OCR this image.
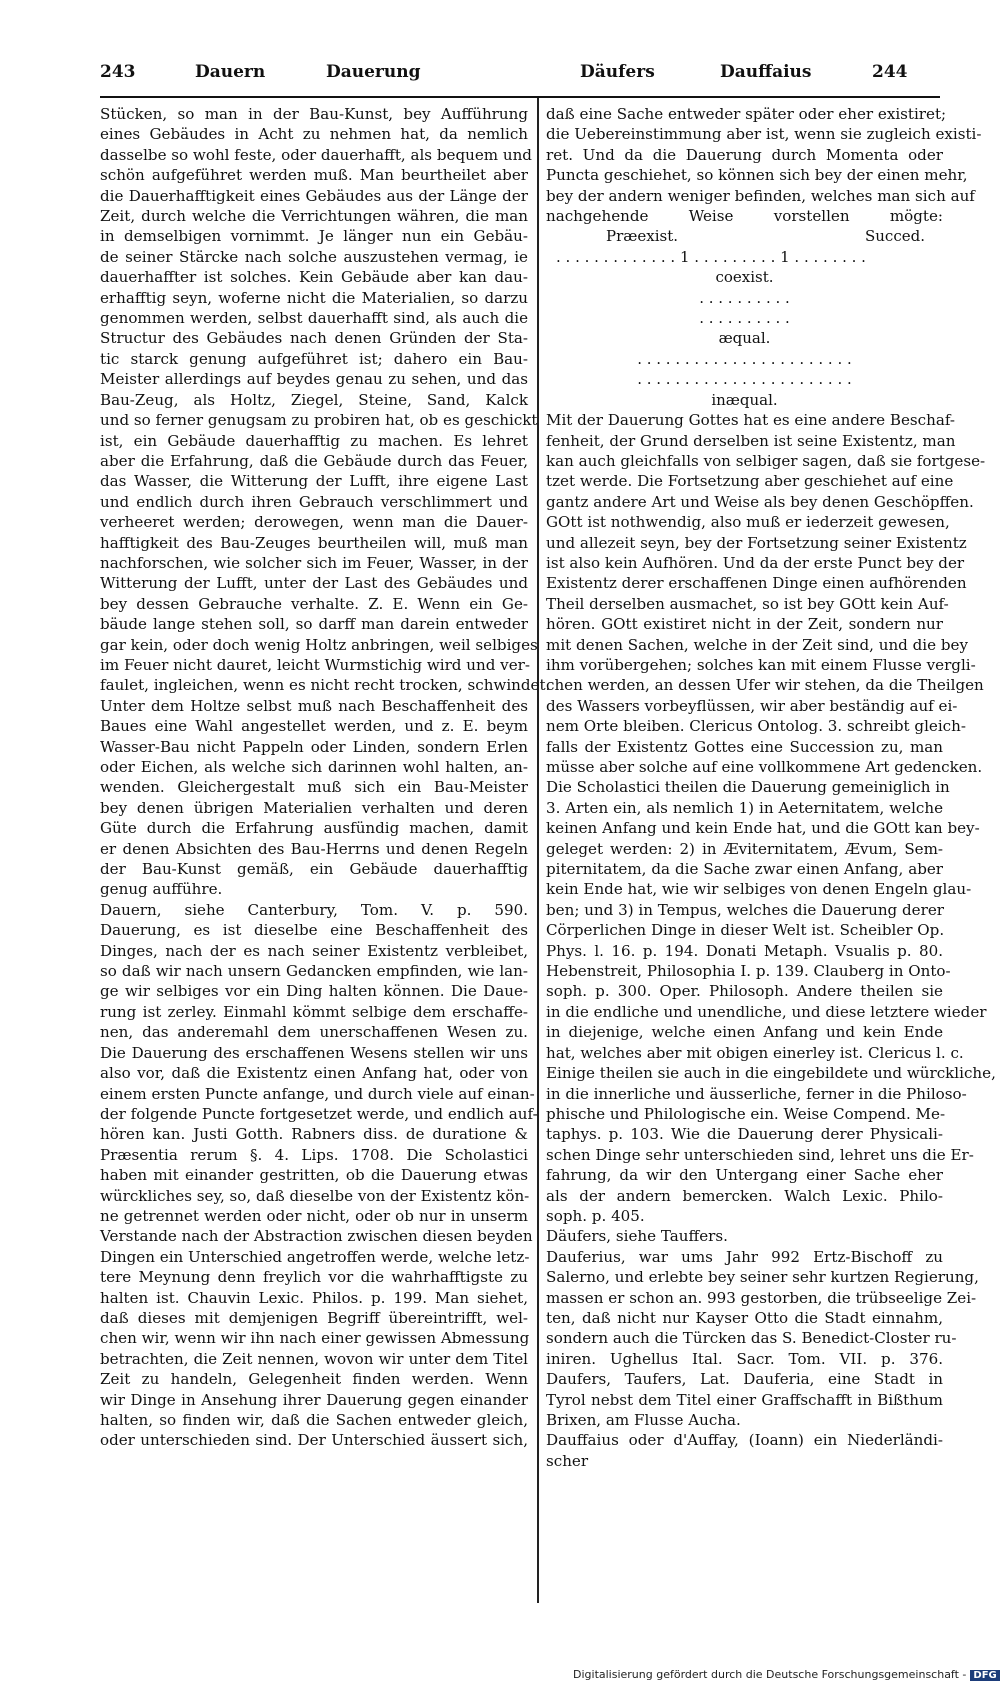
243	Dauern	Dauerung	Däufers	Dauffaius	244
Stücken, so man in der Bau-Kunst, bey Aufführung
eines Gebäudes in Acht zu nehmen hat, da nemlich
dasselbe so wohl feste, oder dauerhafft, als bequem und
schön aufgeführet werden muß. Man beurtheilet aber
die Dauerhafftigkeit eines Gebäudes aus der Länge der
Zeit, durch welche die Verrichtungen währen, die man
in demselbigen vornimmt. Je länger nun ein Gebäu-
de seiner Stärcke nach solche auszustehen vermag, ie
dauerhaffter ist solches. Kein Gebäude aber kan dau-
erhafftig seyn, woferne nicht die Materialien, so darzu
genommen werden, selbst dauerhafft sind, als auch die
Structur des Gebäudes nach denen Gründen der Sta-
tic starck genung aufgeführet ist; dahero ein Bau-
Meister allerdings auf beydes genau zu sehen, und das
Bau-Zeug, als Holtz, Ziegel, Steine, Sand, Kalck
und so ferner genugsam zu probiren hat, ob es geschickt
ist, ein Gebäude dauerhafftig zu machen. Es lehret
aber die Erfahrung, daß die Gebäude durch das Feuer,
das Wasser, die Witterung der Lufft, ihre eigene Last
und endlich durch ihren Gebrauch verschlimmert und
verheeret werden; derowegen, wenn man die Dauer-
hafftigkeit des Bau-Zeuges beurtheilen will, muß man
nachforschen, wie solcher sich im Feuer, Wasser, in der
Witterung der Lufft, unter der Last des Gebäudes und
bey dessen Gebrauche verhalte. Z. E. Wenn ein Ge-
bäude lange stehen soll, so darff man darein entweder
gar kein, oder doch wenig Holtz anbringen, weil selbiges
im Feuer nicht dauret, leicht Wurmstichig wird und ver-
faulet, ingleichen, wenn es nicht recht trocken, schwindet.
Unter dem Holtze selbst muß nach Beschaffenheit des
Baues eine Wahl angestellet werden, und z. E. beym
Wasser-Bau nicht Pappeln oder Linden, sondern Erlen
oder Eichen, als welche sich darinnen wohl halten, an-
wenden. Gleichergestalt muß sich ein Bau-Meister
bey denen übrigen Materialien verhalten und deren
Güte durch die Erfahrung ausfündig machen, damit
er denen Absichten des Bau-Herrns und denen Regeln
der Bau-Kunst gemäß, ein Gebäude dauerhafftig
genug aufführe.
Dauern, siehe Canterbury, Tom. V. p. 590.
Dauerung, es ist dieselbe eine Beschaffenheit des
Dinges, nach der es nach seiner Existentz verbleibet,
so daß wir nach unsern Gedancken empfinden, wie lan-
ge wir selbiges vor ein Ding halten können. Die Daue-
rung ist zerley. Einmahl kömmt selbige dem erschaffe-
nen, das anderemahl dem unerschaffenen Wesen zu.
Die Dauerung des erschaffenen Wesens stellen wir uns
also vor, daß die Existentz einen Anfang hat, oder von
einem ersten Puncte anfange, und durch viele auf einan-
der folgende Puncte fortgesetzet werde, und endlich auf-
hören kan. Justi Gotth. Rabners diss. de duratione &
Præsentia rerum §. 4. Lips. 1708. Die Scholastici
haben mit einander gestritten, ob die Dauerung etwas
würckliches sey, so, daß dieselbe von der Existentz kön-
ne getrennet werden oder nicht, oder ob nur in unserm
Verstande nach der Abstraction zwischen diesen beyden
Dingen ein Unterschied angetroffen werde, welche letz-
tere Meynung denn freylich vor die wahrhafftigste zu
halten ist. Chauvin Lexic. Philos. p. 199. Man siehet,
daß dieses mit demjenigen Begriff übereintrifft, wel-
chen wir, wenn wir ihn nach einer gewissen Abmessung
betrachten, die Zeit nennen, wovon wir unter dem Titel
Zeit zu handeln, Gelegenheit finden werden. Wenn
wir Dinge in Ansehung ihrer Dauerung gegen einander
halten, so finden wir, daß die Sachen entweder gleich,
oder unterschieden sind. Der Unterschied äussert sich,
daß eine Sache entweder später oder eher existiret;
die Uebereinstimmung aber ist, wenn sie zugleich existi-
ret. Und da die Dauerung durch Momenta oder
Puncta geschiehet, so können sich bey der einen mehr,
bey der andern weniger befinden, welches man sich auf
nachgehende Weise vorstellen mögte:
Præexist.	Succed.
. . . . . . . . . . . . . 1 . . . . . . . . . 1 . . . . . . . .
coexist.
. . . . . . . . . .
. . . . . . . . . .
æqual.
. . . . . . . . . . . . . . . . . . . . . . .
. . . . . . . . . . . . . . . . . . . . . . .
inæqual.
Mit der Dauerung Gottes hat es eine andere Beschaf-
fenheit, der Grund derselben ist seine Existentz, man
kan auch gleichfalls von selbiger sagen, daß sie fortgese-
tzet werde. Die Fortsetzung aber geschiehet auf eine
gantz andere Art und Weise als bey denen Geschöpffen.
GOtt ist nothwendig, also muß er iederzeit gewesen,
und allezeit seyn, bey der Fortsetzung seiner Existentz
ist also kein Aufhören. Und da der erste Punct bey der
Existentz derer erschaffenen Dinge einen aufhörenden
Theil derselben ausmachet, so ist bey GOtt kein Auf-
hören. GOtt existiret nicht in der Zeit, sondern nur
mit denen Sachen, welche in der Zeit sind, und die bey
ihm vorübergehen; solches kan mit einem Flusse vergli-
chen werden, an dessen Ufer wir stehen, da die Theilgen
des Wassers vorbeyflüssen, wir aber beständig auf ei-
nem Orte bleiben. Clericus Ontolog. 3. schreibt gleich-
falls der Existentz Gottes eine Succession zu, man
müsse aber solche auf eine vollkommene Art gedencken.
Die Scholastici theilen die Dauerung gemeiniglich in
3. Arten ein, als nemlich 1) in Aeternitatem, welche
keinen Anfang und kein Ende hat, und die GOtt kan bey-
geleget werden: 2) in Æviternitatem, Ævum, Sem-
piternitatem, da die Sache zwar einen Anfang, aber
kein Ende hat, wie wir selbiges von denen Engeln glau-
ben; und 3) in Tempus, welches die Dauerung derer
Cörperlichen Dinge in dieser Welt ist. Scheibler Op.
Phys. l. 16. p. 194. Donati Metaph. Vsualis p. 80.
Hebenstreit, Philosophia I. p. 139. Clauberg in Onto-
soph. p. 300. Oper. Philosoph. Andere theilen sie
in die endliche und unendliche, und diese letztere wieder
in diejenige, welche einen Anfang und kein Ende
hat, welches aber mit obigen einerley ist. Clericus l. c.
Einige theilen sie auch in die eingebildete und würckliche,
in die innerliche und äusserliche, ferner in die Philoso-
phische und Philologische ein. Weise Compend. Me-
taphys. p. 103. Wie die Dauerung derer Physicali-
schen Dinge sehr unterschieden sind, lehret uns die Er-
fahrung, da wir den Untergang einer Sache eher
als der andern bemercken. Walch Lexic. Philo-
soph. p. 405.
Däufers, siehe Tauffers.
Dauferius, war ums Jahr 992 Ertz-Bischoff zu
Salerno, und erlebte bey seiner sehr kurtzen Regierung,
massen er schon an. 993 gestorben, die trübseelige Zei-
ten, daß nicht nur Kayser Otto die Stadt einnahm,
sondern auch die Türcken das S. Benedict-Closter ru-
iniren. Ughellus Ital. Sacr. Tom. VII. p. 376.
Daufers, Taufers, Lat. Dauferia, eine Stadt in
Tyrol nebst dem Titel einer Graffschafft in Bißthum
Brixen, am Flusse Aucha.
Dauffaius oder d'Auffay, (Ioann) ein Niederländi-
scher
Digitalisierung gefördert durch die Deutsche Forschungsgemeinschaft - DFG
